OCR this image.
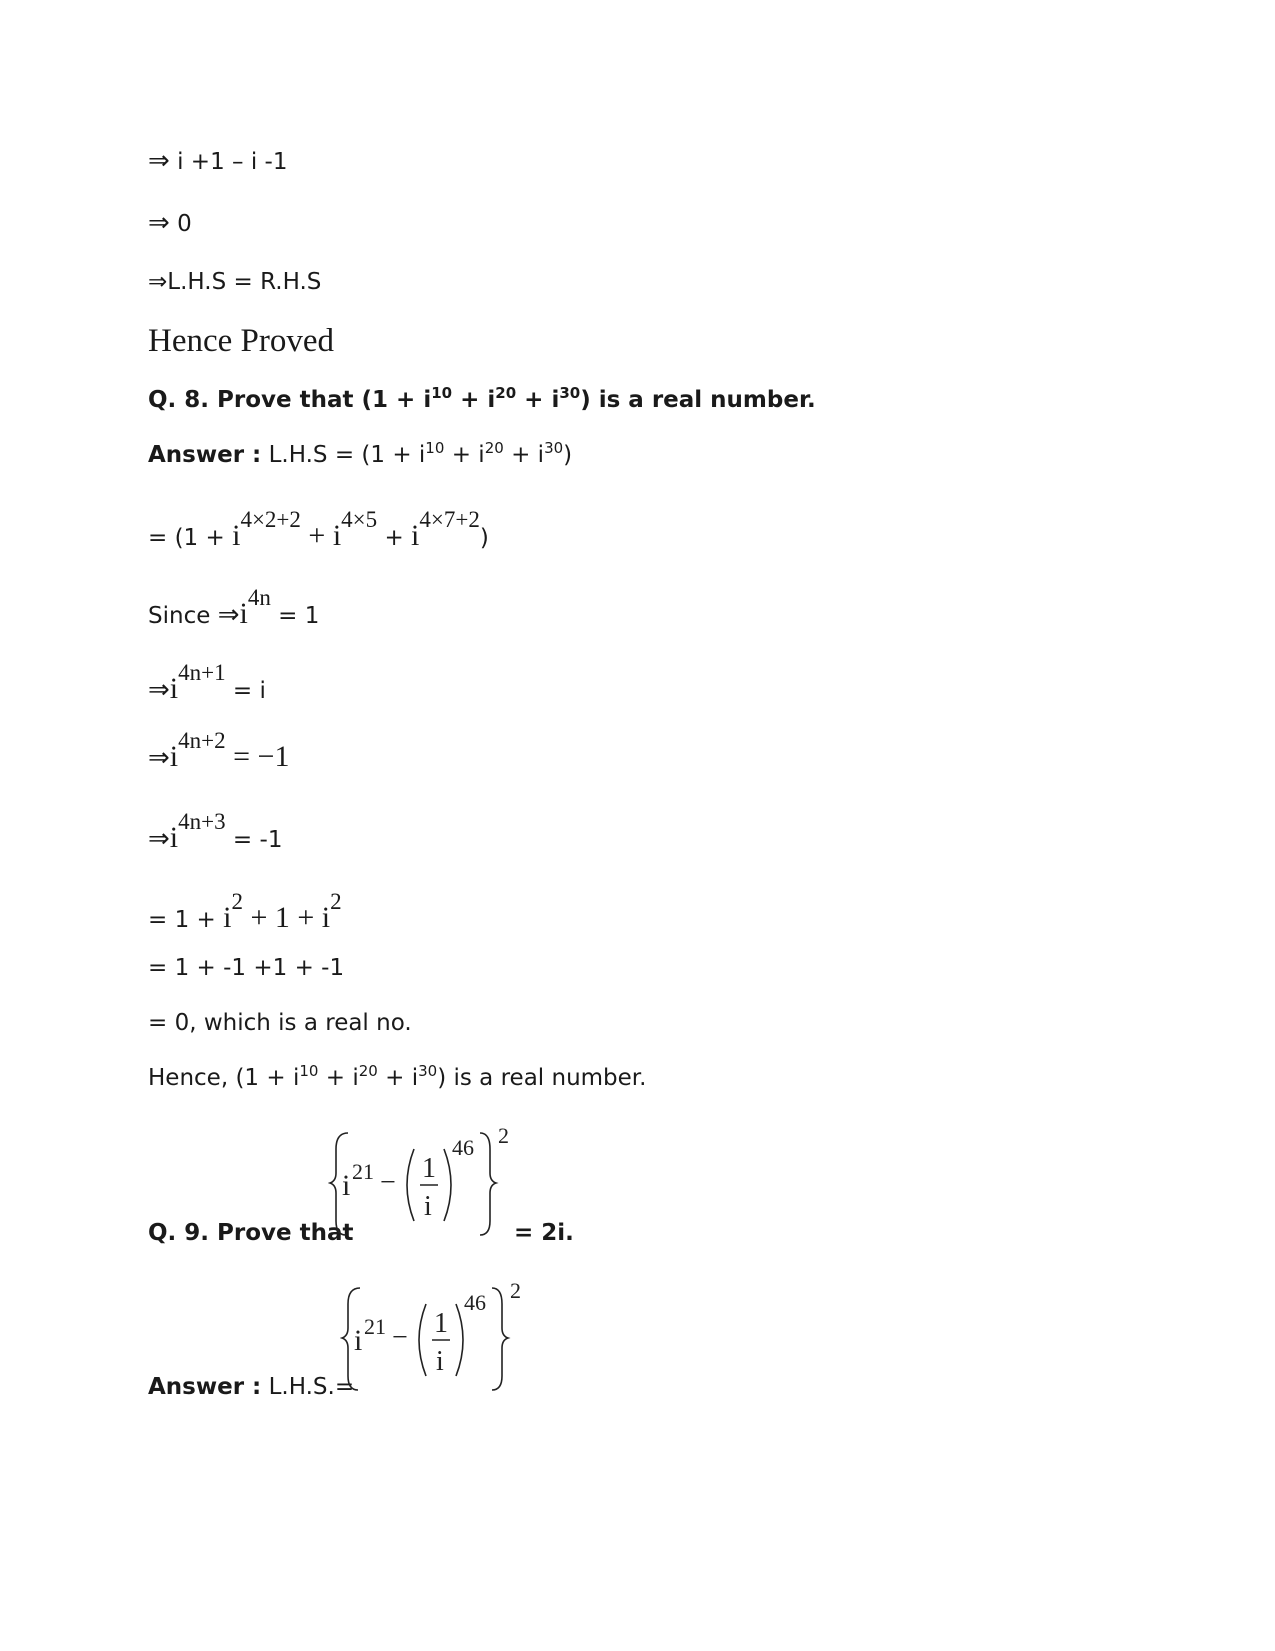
⇒ i +1 – i -1
⇒ 0
⇒L.H.S = R.H.S
Hence Proved
Q. 8. Prove that $(1 + i^{10} + i^{20} + i^{30})$ is a real number.
Answer : $L.H.S = (1 + i^{10} + i^{20} + i^{30})$
= (1 + i4×2+2 + i4×5 + i4×7+2)
Since ⇒i4n = 1
⇒i4n+1 = i
⇒i4n+2 = −1
⇒i4n+3 = -1
= 1 + i2 + 1 + i2
= 1 + -1 +1 + -1
= 0, which is a real no.
Hence, $(1 + i^{10} + i^{20} + i^{30})$ is a real number.
Q. 9. Prove that
i 21 − 1
i
46 2
= 2i.
Answer : L.H.S.=
i 21 − 1
i
46 2
